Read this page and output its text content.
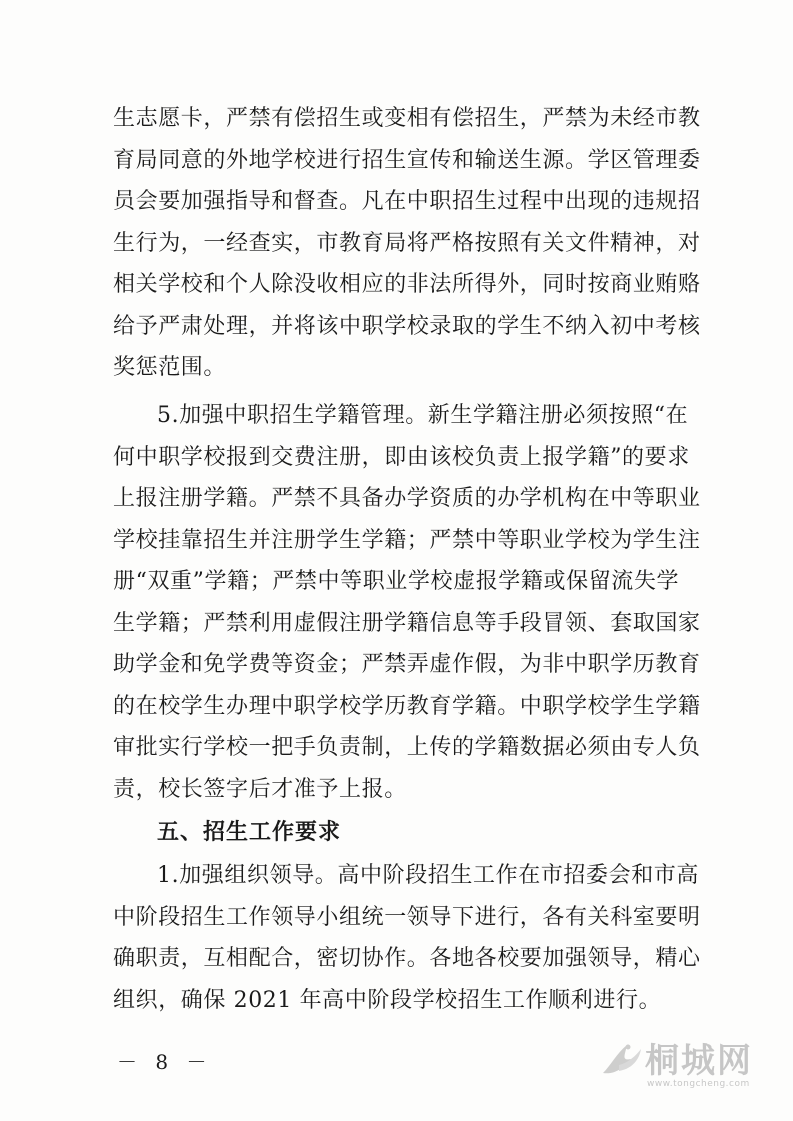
生志愿卡，严禁有偿招生或变相有偿招生，严禁为未经市教
育局同意的外地学校进行招生宣传和输送生源。学区管理委
员会要加强指导和督查。凡在中职招生过程中出现的违规招
生行为，一经查实，市教育局将严格按照有关文件精神，对
相关学校和个人除没收相应的非法所得外，同时按商业贿赂
给予严肃处理，并将该中职学校录取的学生不纳入初中考核
奖惩范围。
5.加强中职招生学籍管理。新生学籍注册必须按照“在
何中职学校报到交费注册，即由该校负责上报学籍”的要求
上报注册学籍。严禁不具备办学资质的办学机构在中等职业
学校挂靠招生并注册学生学籍；严禁中等职业学校为学生注
册“双重”学籍；严禁中等职业学校虚报学籍或保留流失学
生学籍；严禁利用虚假注册学籍信息等手段冒领、套取国家
助学金和免学费等资金；严禁弄虚作假，为非中职学历教育
的在校学生办理中职学校学历教育学籍。中职学校学生学籍
审批实行学校一把手负责制，上传的学籍数据必须由专人负
责，校长签字后才准予上报。
五、招生工作要求
1.加强组织领导。高中阶段招生工作在市招委会和市高
中阶段招生工作领导小组统一领导下进行，各有关科室要明
确职责，互相配合，密切协作。各地各校要加强领导，精心
组织，确保 2021 年高中阶段学校招生工作顺利进行。
－ 8 －	桐城网
www.tongcheng.com
